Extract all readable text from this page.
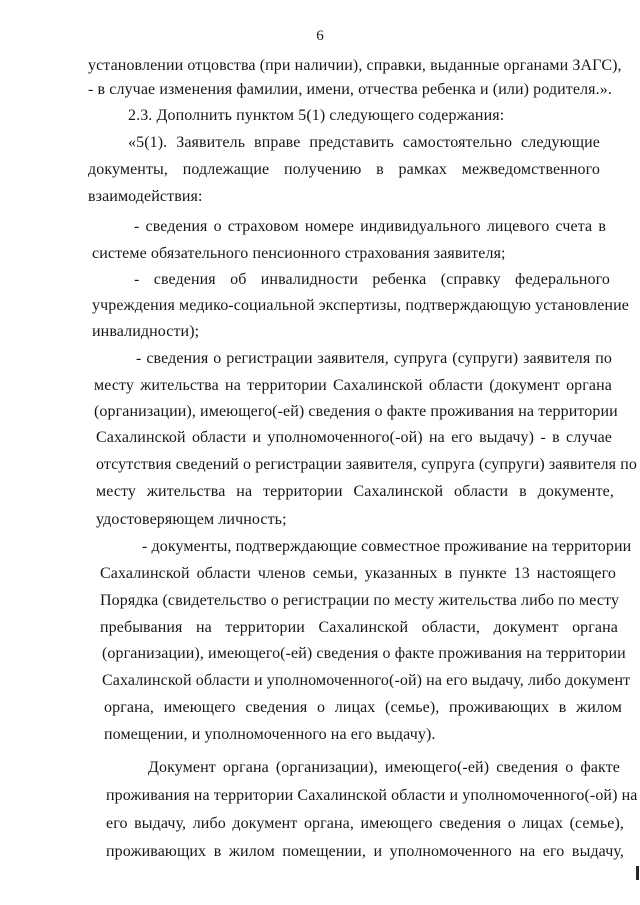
6
установлении отцовства (при наличии), справки, выданные органами ЗАГС),
- в случае изменения фамилии, имени, отчества ребенка и (или) родителя.».
2.3. Дополнить пунктом 5(1) следующего содержания:
«5(1). Заявитель вправе представить самостоятельно следующие
документы, подлежащие получению в рамках межведомственного
взаимодействия:
- сведения о страховом номере индивидуального лицевого счета в
системе обязательного пенсионного страхования заявителя;
- сведения об инвалидности ребенка (справку федерального
учреждения медико-социальной экспертизы, подтверждающую установление
инвалидности);
- сведения о регистрации заявителя, супруга (супруги) заявителя по
месту жительства на территории Сахалинской области (документ органа
(организации), имеющего(-ей) сведения о факте проживания на территории
Сахалинской области и уполномоченного(-ой) на его выдачу) - в случае
отсутствия сведений о регистрации заявителя, супруга (супруги) заявителя по
месту жительства на территории Сахалинской области в документе,
удостоверяющем личность;
- документы, подтверждающие совместное проживание на территории
Сахалинской области членов семьи, указанных в пункте 13 настоящего
Порядка (свидетельство о регистрации по месту жительства либо по месту
пребывания на территории Сахалинской области, документ органа
(организации), имеющего(-ей) сведения о факте проживания на территории
Сахалинской области и уполномоченного(-ой) на его выдачу, либо документ
органа, имеющего сведения о лицах (семье), проживающих в жилом
помещении, и уполномоченного на его выдачу).
Документ органа (организации), имеющего(-ей) сведения о факте
проживания на территории Сахалинской области и уполномоченного(-ой) на
его выдачу, либо документ органа, имеющего сведения о лицах (семье),
проживающих в жилом помещении, и уполномоченного на его выдачу,
